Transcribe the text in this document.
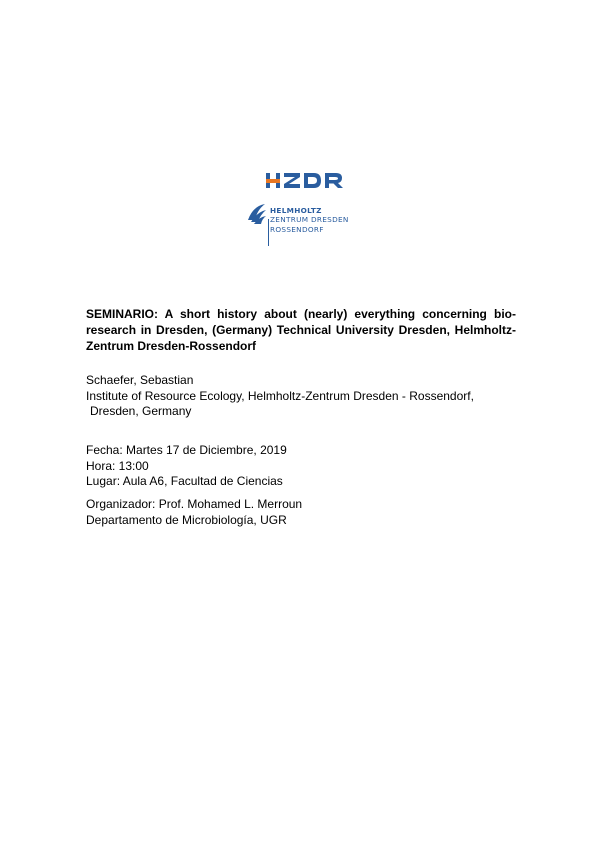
HELMHOLTZ
ZENTRUM DRESDEN
ROSSENDORF
SEMINARIO: A short history about (nearly) everything concerning bio-research in Dresden, (Germany) Technical University Dresden, Helmholtz-Zentrum Dresden-Rossendorf
Schaefer, Sebastian
Institute of Resource Ecology, Helmholtz-Zentrum Dresden - Rossendorf,
Dresden, Germany
Fecha: Martes 17 de Diciembre, 2019
Hora: 13:00
Lugar: Aula A6, Facultad de Ciencias
Organizador: Prof. Mohamed L. Merroun
Departamento de Microbiología, UGR
